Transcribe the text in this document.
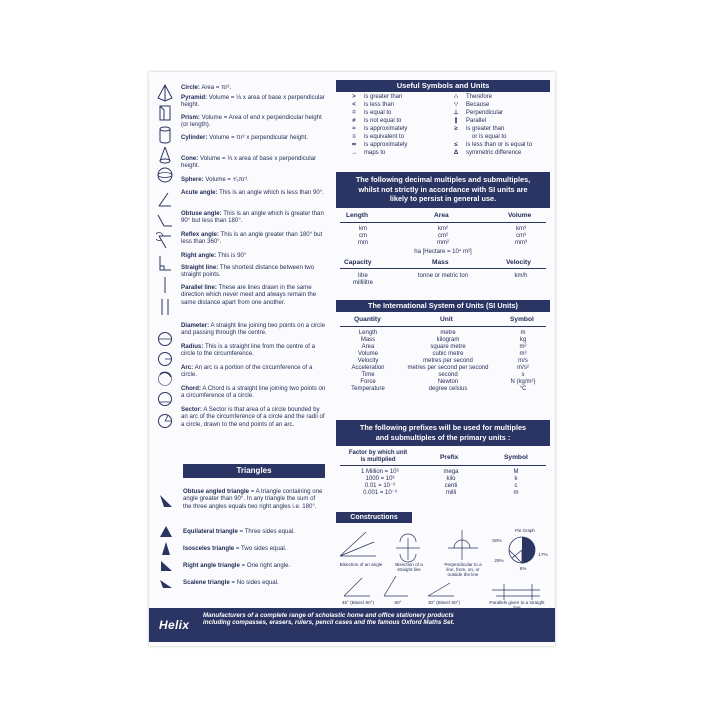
Circle: Area = πr².
Pyramid: Volume = ⅓ x area of base x perpendicular height.
Prism: Volume = Area of end x perpendicular height (or length).
Cylinder: Volume = πr² x perpendicular height.
Cone: Volume = ⅓ x area of base x perpendicular height.
Sphere: Volume = ⁴⁄₃πr³.
Acute angle: This is an angle which is less than 90°.
Obtuse angle: This is an angle which is greater than 90° but less than 180°.
Reflex angle: This is an angle greater than 180° but less than 360°.
Right angle: This is 90°
Straight line: The shortest distance between two straight points.
Parallel line: These are lines drawn in the same direction which never meet and always remain the same distance apart from one another.
Diameter: A straight line joining two points on a circle and passing through the centre.
Radius: This is a straight line from the centre of a circle to the circumference.
Arc: An arc is a portion of the circumference of a circle.
Chord: A Chord is a straight line joining two points on a circumference of a circle.
Sector: A Sector is that area of a circle bounded by an arc of the circumference of a circle and the radii of a circle, drawn to the end points of an arc.
Triangles
Obtuse angled triangle = A triangle containing one angle greater than 90°. In any triangle the sum of the three angles equals two right angles i.e. 180°.
Equilateral triangle = Three sides equal.
Isosceles triangle = Two sides equal.
Right angle triangle = One right angle.
Scalene triangle = No sides equal.
Useful Symbols and Units
>	is greater than	∴	Therefore
<	is less than	∵	Because
=	is equal to	⊥	Perpendicular
≠	is not equal to	∥	Parallel
≈	is approximately	≥	is greater than
≡	is equivalent to	or is equal to
≃	is approximately	≤	is less than or is equal to
→	maps to	Δ	symmetric difference
The following decimal multiples and submultiples,
whilst not strictly in accordance with SI units are
likely to persist in general use.
Length	Area	Volume
km	km²	km³
cm	cm²	cm³
mm	mm²	mm³
ha [Hectare = 10⁴ m²]
Capacity	Mass	Velocity
litre	tonne or metric ton	km/h
millilitre
The International System of Units (SI Units)
Quantity	Unit	Symbol
Length	metre	m
Mass	kilogram	kg
Area	square metre	m²
Volume	cubic metre	m³
Velocity	metres per second	m/s
Acceleration	metres per second per second	m/s²
Time	second	s
Force	Newton	N (kg/m²)
Temperature	degree celsius	°C
The following prefixes will be used for multiples
and submultiples of the primary units :
Factor by which unit is multiplied	Prefix	Symbol
1 Million = 10⁶	mega	M
1000 = 10³	kilo	k
0.01 = 10⁻²	centi	c
0.001 = 10⁻³	milli	m
Constructions
Bisection of an angle	Bisection of a straight line
Perpendicular to a line, from, on, or outside the line
Pie Graph
50%
25%
17%
8%
45° (Bisect 90°)	60°	30° (Bisect 60°)	Parallels given to a straight
Helix
Manufacturers of a complete range of scholastic home and office stationery products
including compasses, erasers, rulers, pencil cases and the famous Oxford Maths Set.
